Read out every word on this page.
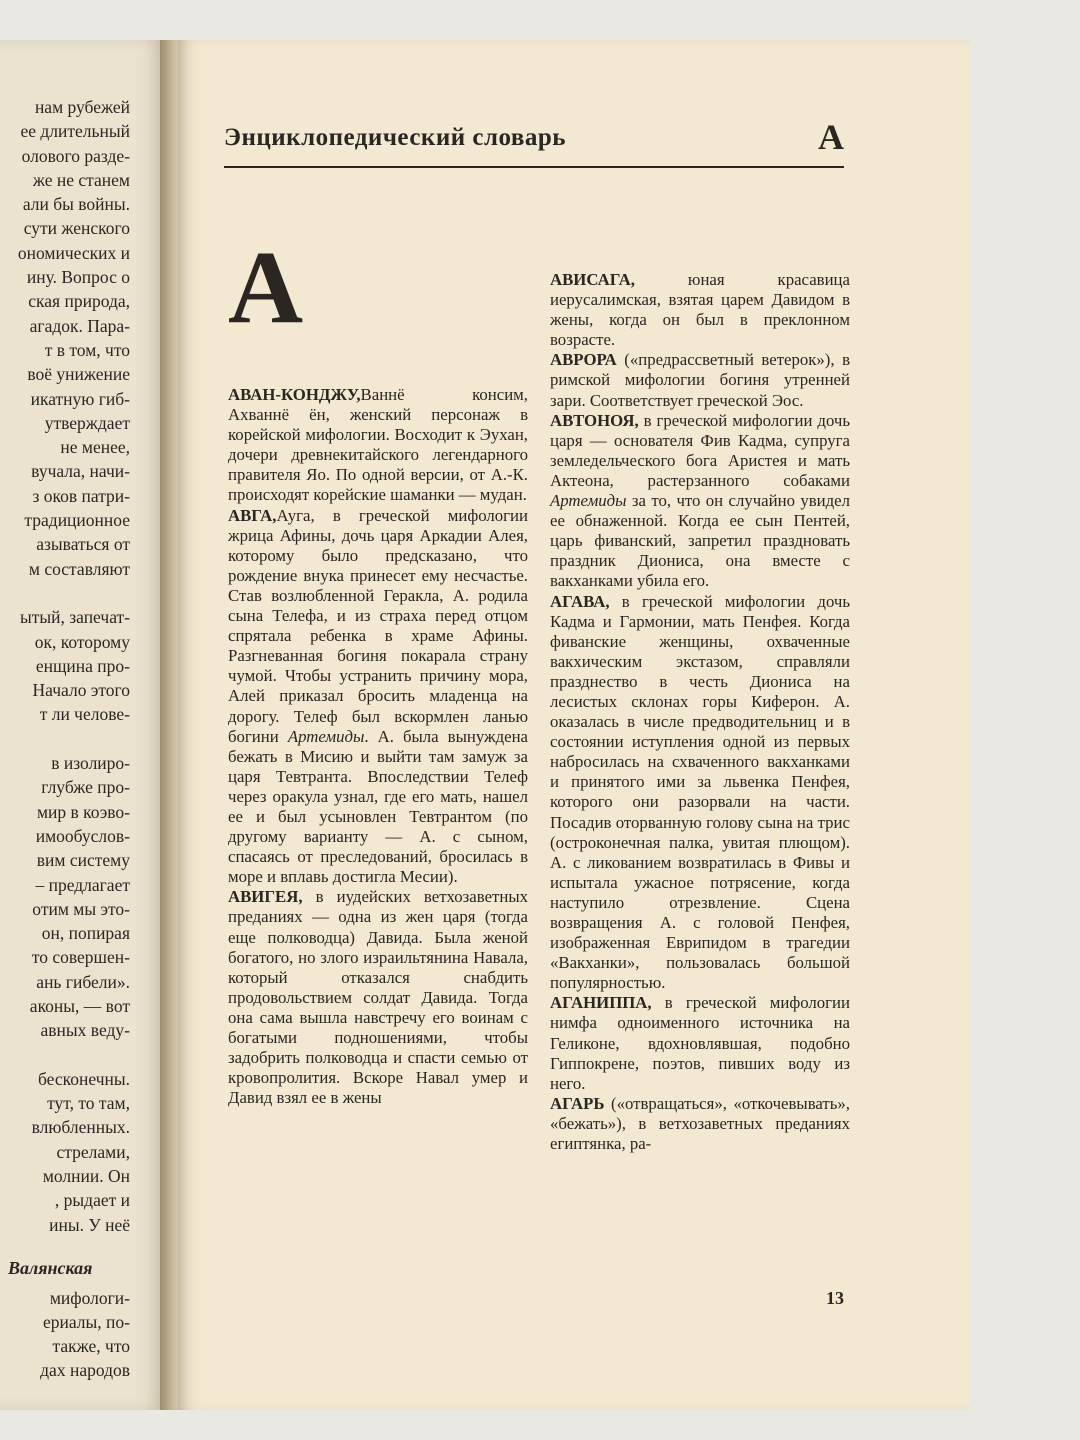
нам рубежей
ее длительный
олового разде-
же не станем
али бы войны.
сути женского
ономических и
ину. Вопрос о
ская природа,
агадок. Пара-
т в том, что
воё унижение
икатную гиб-
утверждает
не менее,
вучала, начи-
з оков патри-
традиционное
азываться от
м составляют
ытый, запечат-
ок, которому
енщина про-
Начало этого
т ли челове-
в изолиро-
глубже про-
мир в коэво-
имообуслов-
вим систему
– предлагает
отим мы это-
он, попирая
то совершен-
ань гибели».
аконы, — вот
авных веду-
бесконечны.
тут, то там,
влюбленных.
стрелами,
молнии. Он
, рыдает и
ины. У неё
мифологи-
ериалы, по-
также, что
дах народов
Валянская
Энциклопедический словарь	А
А

АВАН-КОНДЖУ,Ваннё консим, Ахваннё ён, женский персонаж в корейской мифологии. Восходит к Эухан, дочери древнекитайского легендарного правителя Яо. По одной версии, от А.-К. происходят корейские шаманки — мудан.

АВГА,Ауга, в греческой мифологии жрица Афины, дочь царя Аркадии Алея, которому было предсказано, что рождение внука принесет ему несчастье. Став возлюбленной Геракла, А. родила сына Телефа, и из страха перед отцом спрятала ребенка в храме Афины. Разгневанная богиня покарала страну чумой. Чтобы устранить причину мора, Алей приказал бросить младенца на дорогу. Телеф был вскормлен ланью богини Артемиды. А. была вынуждена бежать в Мисию и выйти там замуж за царя Тевтранта. Впоследствии Телеф через оракула узнал, где его мать, нашел ее и был усыновлен Тевтрантом (по другому варианту — А. с сыном, спасаясь от преследований, бросилась в море и вплавь достигла Месии).

АВИГЕЯ, в иудейских ветхозаветных преданиях — одна из жен царя (тогда еще полководца) Давида. Была женой богатого, но злого израильтянина Навала, который отказался снабдить продовольствием солдат Давида. Тогда она сама вышла навстречу его воинам с богатыми подношениями, чтобы задобрить полководца и спасти семью от кровопролития. Вскоре Навал умер и Давид взял ее в жены

АВИСАГА, юная красавица иерусалимская, взятая царем Давидом в жены, когда он был в преклонном возрасте.

АВРОРА («предрассветный ветерок»), в римской мифологии богиня утренней зари. Соответствует греческой Эос.

АВТОНОЯ, в греческой мифологии дочь царя — основателя Фив Кадма, супруга земледельческого бога Аристея и мать Актеона, растерзанного собаками Артемиды за то, что он случайно увидел ее обнаженной. Когда ее сын Пентей, царь фиванский, запретил праздновать праздник Диониса, она вместе с вакханками убила его.

АГАВА, в греческой мифологии дочь Кадма и Гармонии, мать Пенфея. Когда фиванские женщины, охваченные вакхическим экстазом, справляли празднество в честь Диониса на лесистых склонах горы Киферон. А. оказалась в числе предводительниц и в состоянии иступления одной из первых набросилась на схваченного вакханками и принятого ими за львенка Пенфея, которого они разорвали на части. Посадив оторванную голову сына на трис (остроконечная палка, увитая плющом). А. с ликованием возвратилась в Фивы и испытала ужасное потрясение, когда наступило отрезвление. Сцена возвращения А. с головой Пенфея, изображенная Еврипидом в трагедии «Вакханки», пользовалась большой популярностью.

АГАНИППА, в греческой мифологии нимфа одноименного источника на Геликоне, вдохновлявшая, подобно Гиппокрене, поэтов, пивших воду из него.

АГАРЬ («отвращаться», «откочевывать», «бежать»), в ветхозаветных преданиях египтянка, ра-

13
